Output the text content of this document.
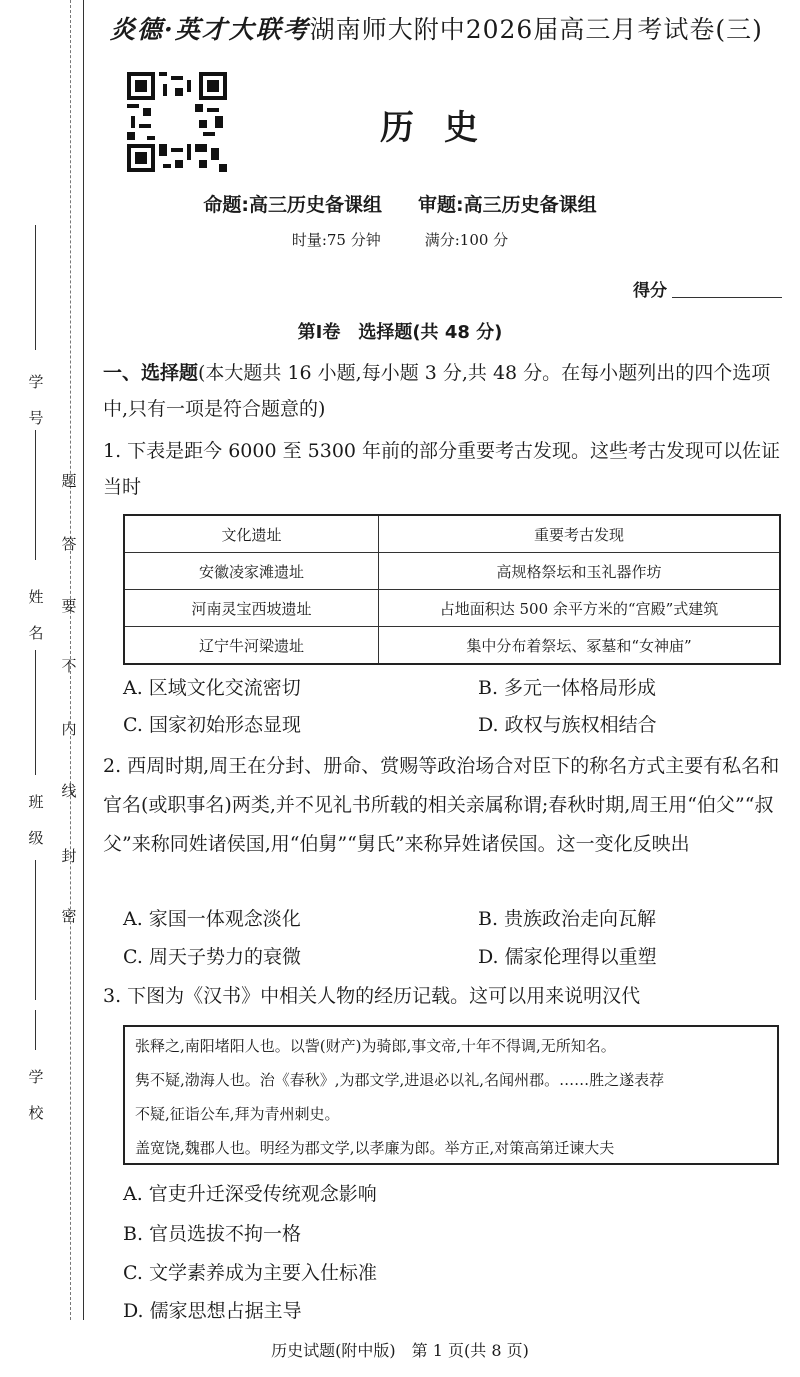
学
号
姓
名
班
级
学
校
密
封
线
内
不
要
答
题
炎德·英才大联考湖南师大附中2026届高三月考试卷(三)
历史
命题:高三历史备课组 审题:高三历史备课组
时量:75 分钟	满分:100 分
得分
第Ⅰ卷　选择题(共 48 分)
一、选择题(本大题共 16 小题,每小题 3 分,共 48 分。在每小题列出的四个选项中,只有一项是符合题意的)
1. 下表是距今 6000 至 5300 年前的部分重要考古发现。这些考古发现可以佐证当时
文化遗址	重要考古发现
安徽凌家滩遗址	高规格祭坛和玉礼器作坊
河南灵宝西坡遗址	占地面积达 500 余平方米的“宫殿”式建筑
辽宁牛河梁遗址	集中分布着祭坛、冢墓和“女神庙”
A. 区域文化交流密切	B. 多元一体格局形成
C. 国家初始形态显现	D. 政权与族权相结合
2. 西周时期,周王在分封、册命、赏赐等政治场合对臣下的称名方式主要有私名和官名(或职事名)两类,并不见礼书所载的相关亲属称谓;春秋时期,周王用“伯父”“叔父”来称同姓诸侯国,用“伯舅”“舅氏”来称异姓诸侯国。这一变化反映出
A. 家国一体观念淡化	B. 贵族政治走向瓦解
C. 周天子势力的衰微	D. 儒家伦理得以重塑
3. 下图为《汉书》中相关人物的经历记载。这可以用来说明汉代
张释之,南阳堵阳人也。以訾(财产)为骑郎,事文帝,十年不得调,无所知名。
隽不疑,渤海人也。治《春秋》,为郡文学,进退必以礼,名闻州郡。……胜之遂表荐
不疑,征诣公车,拜为青州刺史。
盖宽饶,魏郡人也。明经为郡文学,以孝廉为郎。举方正,对策高第迁谏大夫
A. 官吏升迁深受传统观念影响
B. 官员选拔不拘一格
C. 文学素养成为主要入仕标准
D. 儒家思想占据主导
历史试题(附中版)　第 1 页(共 8 页)
